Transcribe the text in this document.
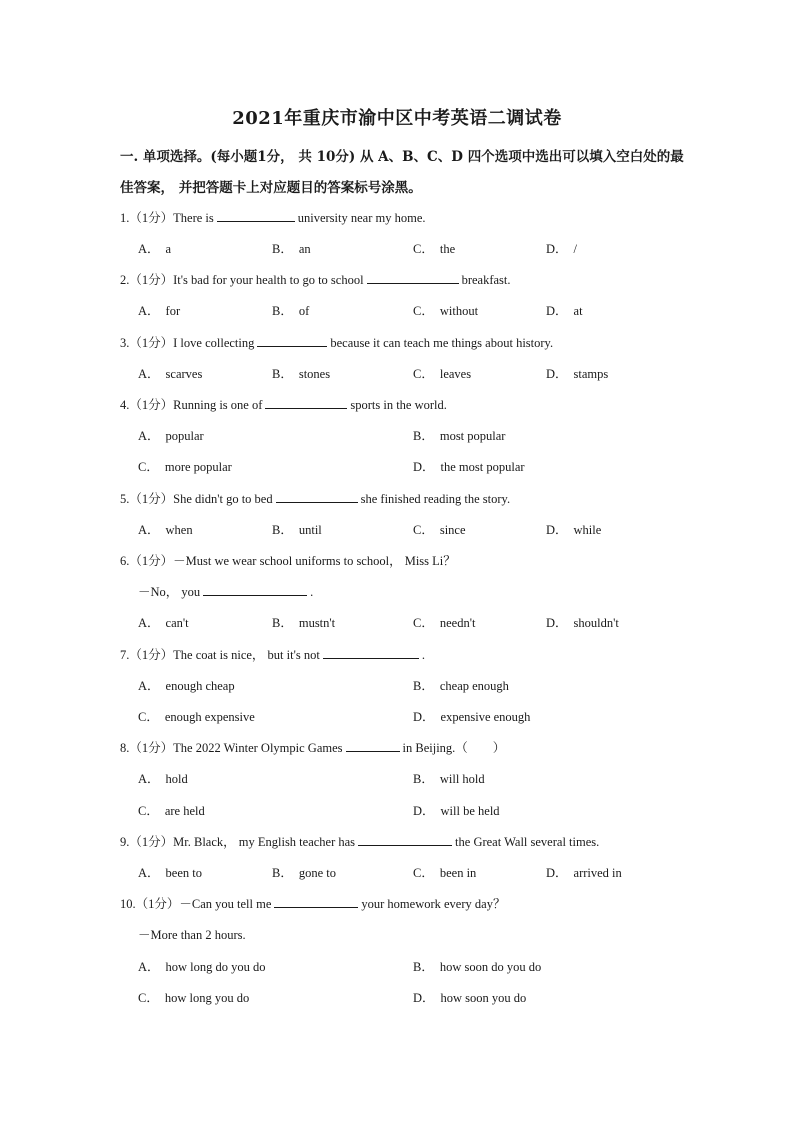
2021年重庆市渝中区中考英语二调试卷
一. 单项选择。(每小题1分， 共 10分) 从 A、B、C、D 四个选项中选出可以填入空白处的最佳答案， 并把答题卡上对应题目的答案标号涂黑。
1.（1分）There is	university near my home.
A． a	B． an	C． the	D． /
2.（1分）It's bad for your health to go to school	breakfast.
A． for	B． of	C． without	D． at
3.（1分）I love collecting	because it can teach me things about history.
A． scarves	B． stones	C． leaves	D． stamps
4.（1分）Running is one of	sports in the world.
A． popular	B． most popular
C． more popular	D． the most popular
5.（1分）She didn't go to bed	she finished reading the story.
A． when	B． until	C． since	D． while
6.（1分）－Must we wear school uniforms to school， Miss Li？
－No， you	.
A． can't	B． mustn't	C． needn't	D． shouldn't
7.（1分）The coat is nice， but it's not	.
A． enough cheap	B． cheap enough
C． enough expensive	D． expensive enough
8.（1分）The 2022 Winter Olympic Games	in Beijing.（　　）
A． hold	B． will hold
C． are held	D． will be held
9.（1分）Mr. Black， my English teacher has	the Great Wall several times.
A． been to	B． gone to	C． been in	D． arrived in
10.（1分）－Can you tell me	your homework every day？
－More than 2 hours.
A． how long do you do	B． how soon do you do
C． how long you do	D． how soon you do
